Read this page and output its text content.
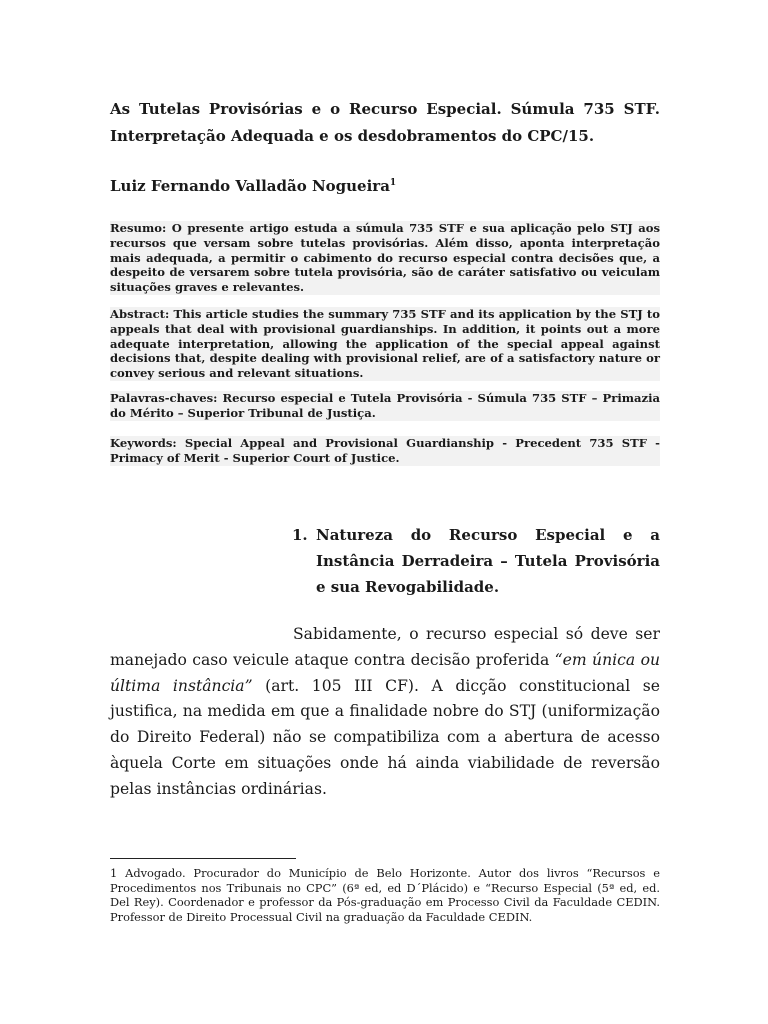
As Tutelas Provisórias e o Recurso Especial. Súmula 735 STF. Interpretação Adequada e os desdobramentos do CPC/15.

Luiz Fernando Valladão Nogueira$^1$

Resumo: O presente artigo estuda a súmula 735 STF e sua aplicação pelo STJ aos recursos que versam sobre tutelas provisórias. Além disso, aponta interpretação mais adequada, a permitir o cabimento do recurso especial contra decisões que, a despeito de versarem sobre tutela provisória, são de caráter satisfativo ou veiculam situações graves e relevantes.

Abstract: This article studies the summary 735 STF and its application by the STJ to appeals that deal with provisional guardianships. In addition, it points out a more adequate interpretation, allowing the application of the special appeal against decisions that, despite dealing with provisional relief, are of a satisfactory nature or convey serious and relevant situations.

Palavras-chaves: Recurso especial e Tutela Provisória - Súmula 735 STF – Primazia do Mérito – Superior Tribunal de Justiça.

Keywords: Special Appeal and Provisional Guardianship - Precedent 735 STF - Primacy of Merit - Superior Court of Justice.

1. Natureza do Recurso Especial e a Instância Derradeira – Tutela Provisória e sua Revogabilidade.

Sabidamente, o recurso especial só deve ser manejado caso veicule ataque contra decisão proferida “em única ou última instância” (art. 105 III CF). A dicção constitucional se justifica, na medida em que a finalidade nobre do STJ (uniformização do Direito Federal) não se compatibiliza com a abertura de acesso àquela Corte em situações onde há ainda viabilidade de reversão pelas instâncias ordinárias.

1 Advogado. Procurador do Município de Belo Horizonte. Autor dos livros “Recursos e Procedimentos nos Tribunais no CPC” (6ª ed, ed D´Plácido) e “Recurso Especial (5ª ed, ed. Del Rey). Coordenador e professor da Pós-graduação em Processo Civil da Faculdade CEDIN. Professor de Direito Processual Civil na graduação da Faculdade CEDIN.
